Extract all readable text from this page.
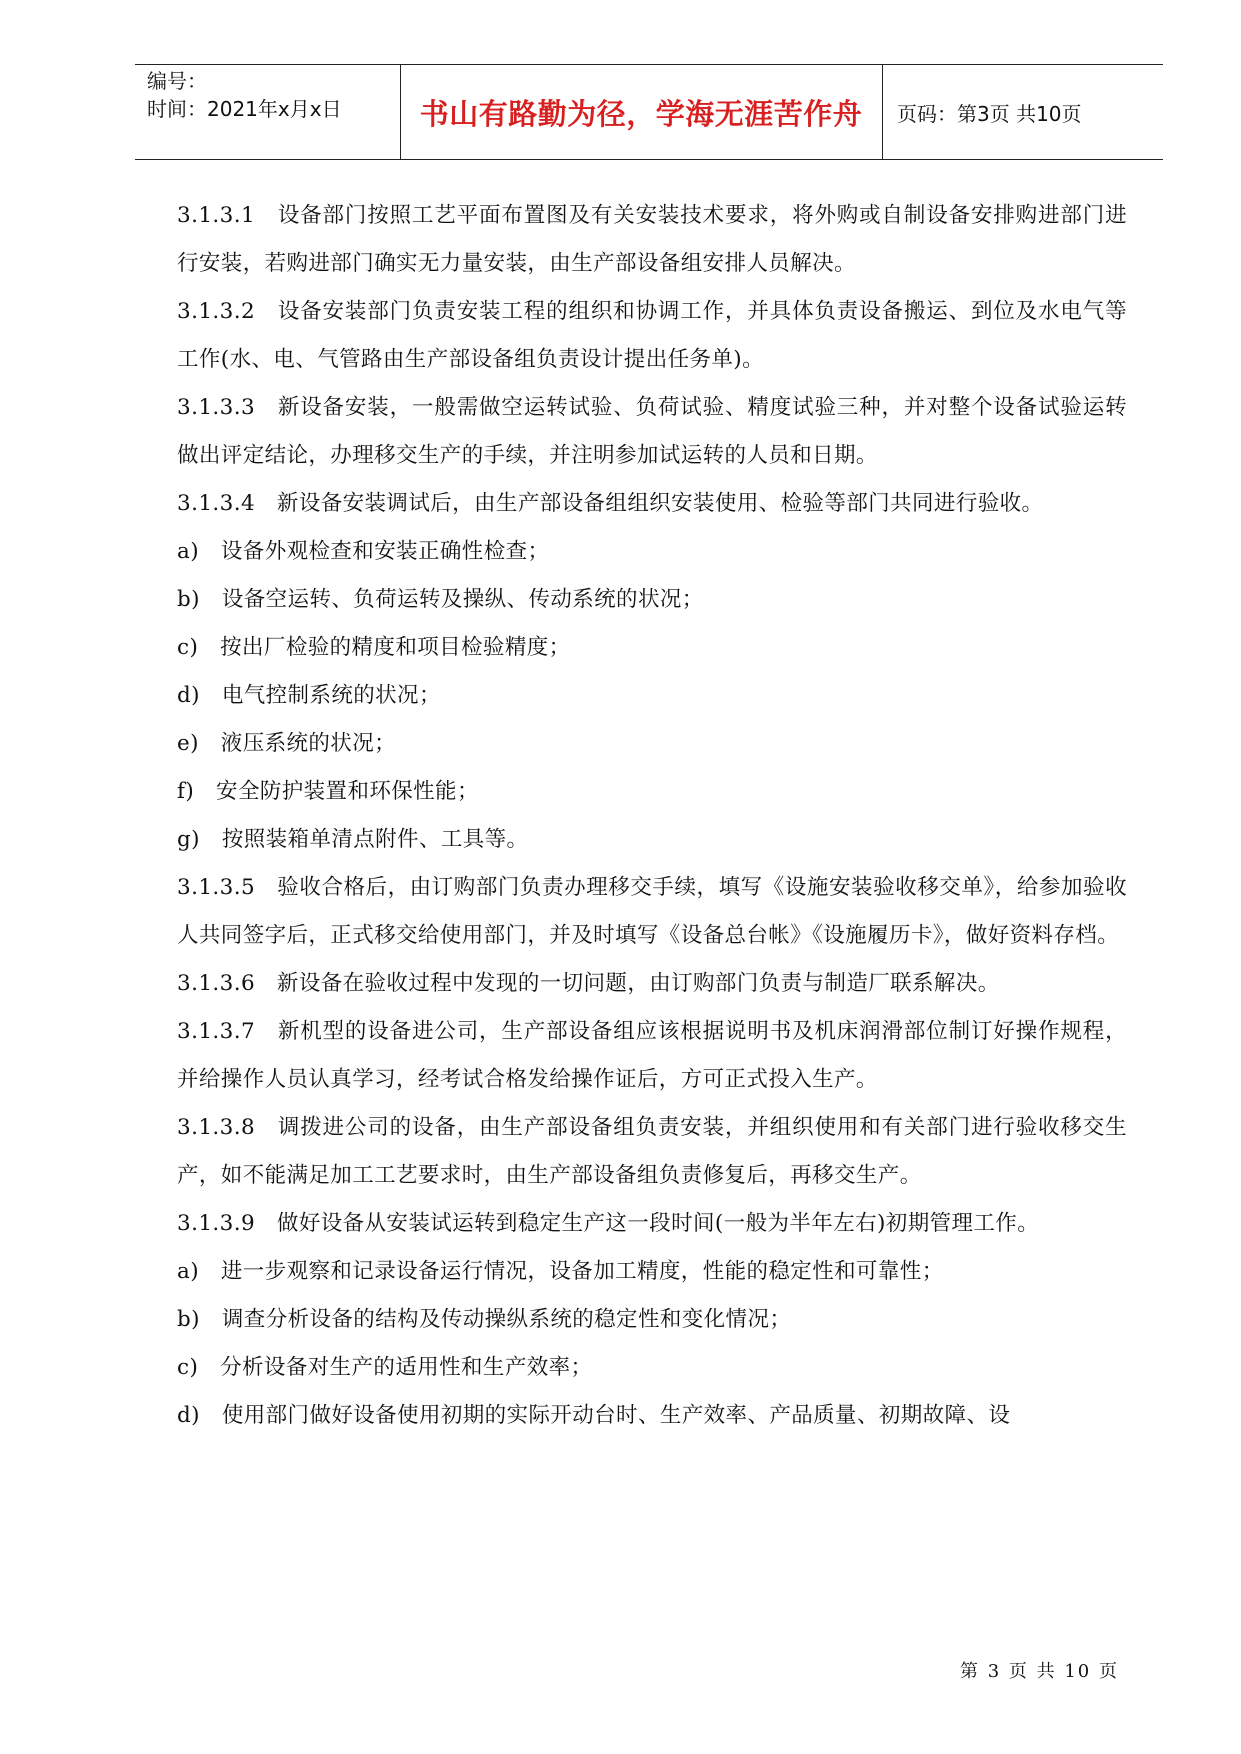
编号：
时间：2021年x月x日	书山有路勤为径，学海无涯苦作舟	页码：第3页 共10页

3.1.3.1　设备部门按照工艺平面布置图及有关安装技术要求，将外购或自制设备安排购进部门进行安装，若购进部门确实无力量安装，由生产部设备组安排人员解决。

3.1.3.2　设备安装部门负责安装工程的组织和协调工作，并具体负责设备搬运、到位及水电气等工作(水、电、气管路由生产部设备组负责设计提出任务单)。

3.1.3.3　新设备安装，一般需做空运转试验、负荷试验、精度试验三种，并对整个设备试验运转做出评定结论，办理移交生产的手续，并注明参加试运转的人员和日期。

3.1.3.4　新设备安装调试后，由生产部设备组组织安装使用、检验等部门共同进行验收。

a)　设备外观检查和安装正确性检查；

b)　设备空运转、负荷运转及操纵、传动系统的状况；

c)　按出厂检验的精度和项目检验精度；

d)　电气控制系统的状况；

e)　液压系统的状况；

f)　安全防护装置和环保性能；

g)　按照装箱单清点附件、工具等。

3.1.3.5　验收合格后，由订购部门负责办理移交手续，填写《设施安装验收移交单》，给参加验收人共同签字后，正式移交给使用部门，并及时填写《设备总台帐》《设施履历卡》，做好资料存档。

3.1.3.6　新设备在验收过程中发现的一切问题，由订购部门负责与制造厂联系解决。

3.1.3.7　新机型的设备进公司，生产部设备组应该根据说明书及机床润滑部位制订好操作规程，并给操作人员认真学习，经考试合格发给操作证后，方可正式投入生产。

3.1.3.8　调拨进公司的设备，由生产部设备组负责安装，并组织使用和有关部门进行验收移交生产，如不能满足加工工艺要求时，由生产部设备组负责修复后，再移交生产。

3.1.3.9　做好设备从安装试运转到稳定生产这一段时间(一般为半年左右)初期管理工作。

a)　进一步观察和记录设备运行情况，设备加工精度，性能的稳定性和可靠性；

b)　调查分析设备的结构及传动操纵系统的稳定性和变化情况；

c)　分析设备对生产的适用性和生产效率；

d)　使用部门做好设备使用初期的实际开动台时、生产效率、产品质量、初期故障、设

第 3 页 共 10 页
